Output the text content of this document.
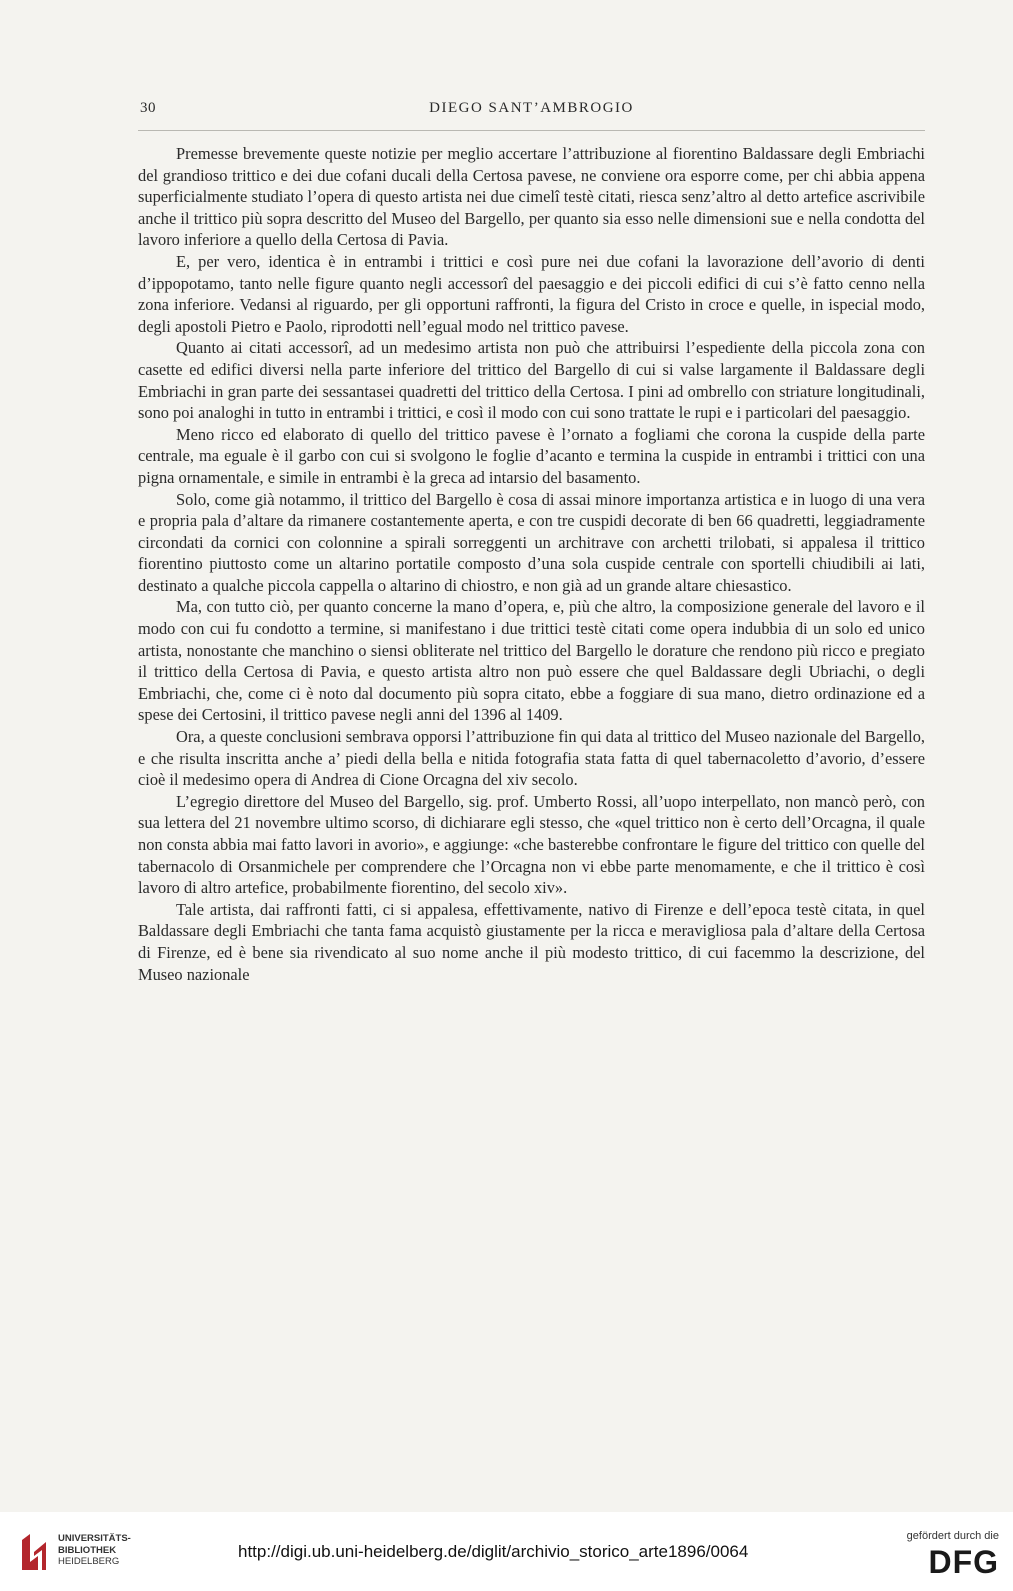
30	DIEGO SANT’AMBROGIO

Premesse brevemente queste notizie per meglio accertare l’attribuzione al fiorentino Baldassare degli Embriachi del grandioso trittico e dei due cofani ducali della Certosa pavese, ne conviene ora esporre come, per chi abbia appena superficialmente studiato l’opera di questo artista nei due cimelî testè citati, riesca senz’altro al detto artefice ascrivibile anche il trittico più sopra descritto del Museo del Bargello, per quanto sia esso nelle dimensioni sue e nella condotta del lavoro inferiore a quello della Certosa di Pavia.

E, per vero, identica è in entrambi i trittici e così pure nei due cofani la lavorazione dell’avorio di denti d’ippopotamo, tanto nelle figure quanto negli accessorî del paesaggio e dei piccoli edifici di cui s’è fatto cenno nella zona inferiore. Vedansi al riguardo, per gli opportuni raffronti, la figura del Cristo in croce e quelle, in ispecial modo, degli apostoli Pietro e Paolo, riprodotti nell’egual modo nel trittico pavese.

Quanto ai citati accessorî, ad un medesimo artista non può che attribuirsi l’espediente della piccola zona con casette ed edifici diversi nella parte inferiore del trittico del Bargello di cui si valse largamente il Baldassare degli Embriachi in gran parte dei sessantasei quadretti del trittico della Certosa. I pini ad ombrello con striature longitudinali, sono poi analoghi in tutto in entrambi i trittici, e così il modo con cui sono trattate le rupi e i particolari del paesaggio.

Meno ricco ed elaborato di quello del trittico pavese è l’ornato a fogliami che corona la cuspide della parte centrale, ma eguale è il garbo con cui si svolgono le foglie d’acanto e termina la cuspide in entrambi i trittici con una pigna ornamentale, e simile in entrambi è la greca ad intarsio del basamento.

Solo, come già notammo, il trittico del Bargello è cosa di assai minore importanza artistica e in luogo di una vera e propria pala d’altare da rimanere costantemente aperta, e con tre cuspidi decorate di ben 66 quadretti, leggiadramente circondati da cornici con colonnine a spirali sorreggenti un architrave con archetti trilobati, si appalesa il trittico fiorentino piuttosto come un altarino portatile composto d’una sola cuspide centrale con sportelli chiudibili ai lati, destinato a qualche piccola cappella o altarino di chiostro, e non già ad un grande altare chiesastico.

Ma, con tutto ciò, per quanto concerne la mano d’opera, e, più che altro, la composizione generale del lavoro e il modo con cui fu condotto a termine, si manifestano i due trittici testè citati come opera indubbia di un solo ed unico artista, nonostante che manchino o siensi obliterate nel trittico del Bargello le dorature che rendono più ricco e pregiato il trittico della Certosa di Pavia, e questo artista altro non può essere che quel Baldassare degli Ubriachi, o degli Embriachi, che, come ci è noto dal documento più sopra citato, ebbe a foggiare di sua mano, dietro ordinazione ed a spese dei Certosini, il trittico pavese negli anni del 1396 al 1409.

Ora, a queste conclusioni sembrava opporsi l’attribuzione fin qui data al trittico del Museo nazionale del Bargello, e che risulta inscritta anche a’ piedi della bella e nitida fotografia stata fatta di quel tabernacoletto d’avorio, d’essere cioè il medesimo opera di Andrea di Cione Orcagna del xiv secolo.

L’egregio direttore del Museo del Bargello, sig. prof. Umberto Rossi, all’uopo interpellato, non mancò però, con sua lettera del 21 novembre ultimo scorso, di dichiarare egli stesso, che «quel trittico non è certo dell’Orcagna, il quale non consta abbia mai fatto lavori in avorio», e aggiunge: «che basterebbe confrontare le figure del trittico con quelle del tabernacolo di Orsanmichele per comprendere che l’Orcagna non vi ebbe parte menomamente, e che il trittico è così lavoro di altro artefice, probabilmente fiorentino, del secolo xiv».

Tale artista, dai raffronti fatti, ci si appalesa, effettivamente, nativo di Firenze e dell’epoca testè citata, in quel Baldassare degli Embriachi che tanta fama acquistò giustamente per la ricca e meravigliosa pala d’altare della Certosa di Firenze, ed è bene sia rivendicato al suo nome anche il più modesto trittico, di cui facemmo la descrizione, del Museo nazionale

UNIVERSITÄTS-
BIBLIOTHEK
HEIDELBERG
http://digi.ub.uni-heidelberg.de/diglit/archivio_storico_arte1896/0064
gefördert durch die
DFG
